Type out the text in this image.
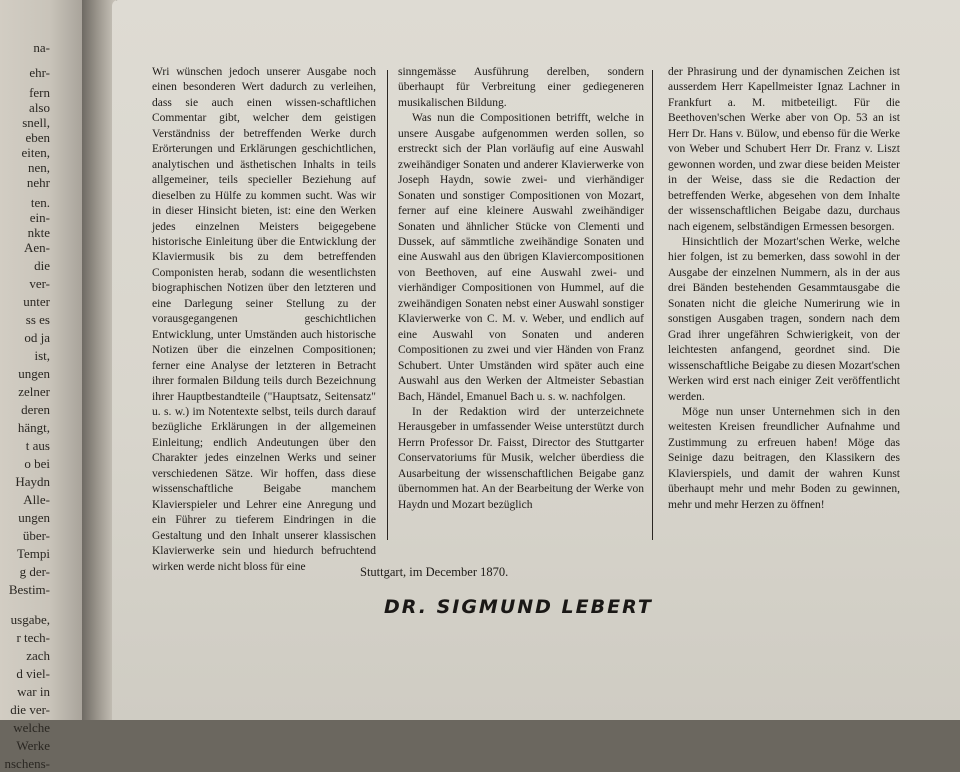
na-
ehr-
fern
also
snell,
eben
eiten,
nen,
nehr
ten.
ein-
nkte
Aen-
die
ver-
unter
ss es
od ja
ist,
ungen
zelner
deren
hängt,
t aus
o bei
Haydn
Alle-
ungen
über-
Tempi
g der-
Bestim-
usgabe,
r tech-
zach
d viel-
war in
die ver-
welche
Werke
nschens-

Wri wünschen jedoch unserer Ausgabe noch einen besonderen Wert dadurch zu verleihen, dass sie auch einen wissen-schaftlichen Commentar gibt, welcher dem geistigen Verständniss der betreffenden Werke durch Erörterungen und Erklärungen geschichtlichen, analytischen und ästhetischen Inhalts in teils allgemeiner, teils specieller Beziehung auf dieselben zu Hülfe zu kommen sucht. Was wir in dieser Hinsicht bieten, ist: eine den Werken jedes einzelnen Meisters beigegebene historische Einleitung über die Entwicklung der Klaviermusik bis zu dem betreffenden Componisten herab, sodann die wesentlichsten biographischen Notizen über den letzteren und eine Darlegung seiner Stellung zu der vorausgegangenen geschichtlichen Entwicklung, unter Umständen auch historische Notizen über die einzelnen Compositionen; ferner eine Analyse der letzteren in Betracht ihrer formalen Bildung teils durch Bezeichnung ihrer Hauptbestandteile ("Hauptsatz, Seitensatz" u. s. w.) im Notentexte selbst, teils durch darauf bezügliche Erklärungen in der allgemeinen Einleitung; endlich Andeutungen über den Charakter jedes einzelnen Werks und seiner verschiedenen Sätze. Wir hoffen, dass diese wissenschaftliche Beigabe manchem Klavierspieler und Lehrer eine Anregung und ein Führer zu tieferem Eindringen in die Gestaltung und den Inhalt unserer klassischen Klavierwerke sein und hiedurch befruchtend wirken werde nicht bloss für eine

sinngemässe Ausführung derelben, sondern überhaupt für Verbreitung einer gediegeneren musikalischen Bildung.

Was nun die Compositionen betrifft, welche in unsere Ausgabe aufgenommen werden sollen, so erstreckt sich der Plan vorläufig auf eine Auswahl zweihändiger Sonaten und anderer Klavierwerke von Joseph Haydn, sowie zwei- und vierhändiger Sonaten und sonstiger Compositionen von Mozart, ferner auf eine kleinere Auswahl zweihändiger Sonaten und ähnlicher Stücke von Clementi und Dussek, auf sämmtliche zweihändige Sonaten und eine Auswahl aus den übrigen Klaviercompositionen von Beethoven, auf eine Auswahl zwei- und vierhändiger Compositionen von Hummel, auf die zweihändigen Sonaten nebst einer Auswahl sonstiger Klavierwerke von C. M. v. Weber, und endlich auf eine Auswahl von Sonaten und anderen Compositionen zu zwei und vier Händen von Franz Schubert. Unter Umständen wird später auch eine Auswahl aus den Werken der Altmeister Sebastian Bach, Händel, Emanuel Bach u. s. w. nachfolgen.

In der Redaktion wird der unterzeichnete Herausgeber in umfassender Weise unterstützt durch Herrn Professor Dr. Faisst, Director des Stuttgarter Conservatoriums für Musik, welcher überdiess die Ausarbeitung der wissenschaftlichen Beigabe ganz übernommen hat. An der Bearbeitung der Werke von Haydn und Mozart bezüglich

der Phrasirung und der dynamischen Zeichen ist ausserdem Herr Kapellmeister Ignaz Lachner in Frankfurt a. M. mitbeteiligt. Für die Beethoven'schen Werke aber von Op. 53 an ist Herr Dr. Hans v. Bülow, und ebenso für die Werke von Weber und Schubert Herr Dr. Franz v. Liszt gewonnen worden, und zwar diese beiden Meister in der Weise, dass sie die Redaction der betreffenden Werke, abgesehen von dem Inhalte der wissenschaftlichen Beigabe dazu, durchaus nach eigenem, selbständigen Ermessen besorgen.

Hinsichtlich der Mozart'schen Werke, welche hier folgen, ist zu bemerken, dass sowohl in der Ausgabe der einzelnen Nummern, als in der aus drei Bänden bestehenden Gesammtausgabe die Sonaten nicht die gleiche Numerirung wie in sonstigen Ausgaben tragen, sondern nach dem Grad ihrer ungefähren Schwierigkeit, von der leichtesten anfangend, geordnet sind. Die wissenschaftliche Beigabe zu diesen Mozart'schen Werken wird erst nach einiger Zeit veröffentlicht werden.

Möge nun unser Unternehmen sich in den weitesten Kreisen freundlicher Aufnahme und Zustimmung zu erfreuen haben! Möge das Seinige dazu beitragen, den Klassikern des Klavierspiels, und damit der wahren Kunst überhaupt mehr und mehr Boden zu gewinnen, mehr und mehr Herzen zu öffnen!

Stuttgart, im December 1870.
DR. SIGMUND LEBERT
